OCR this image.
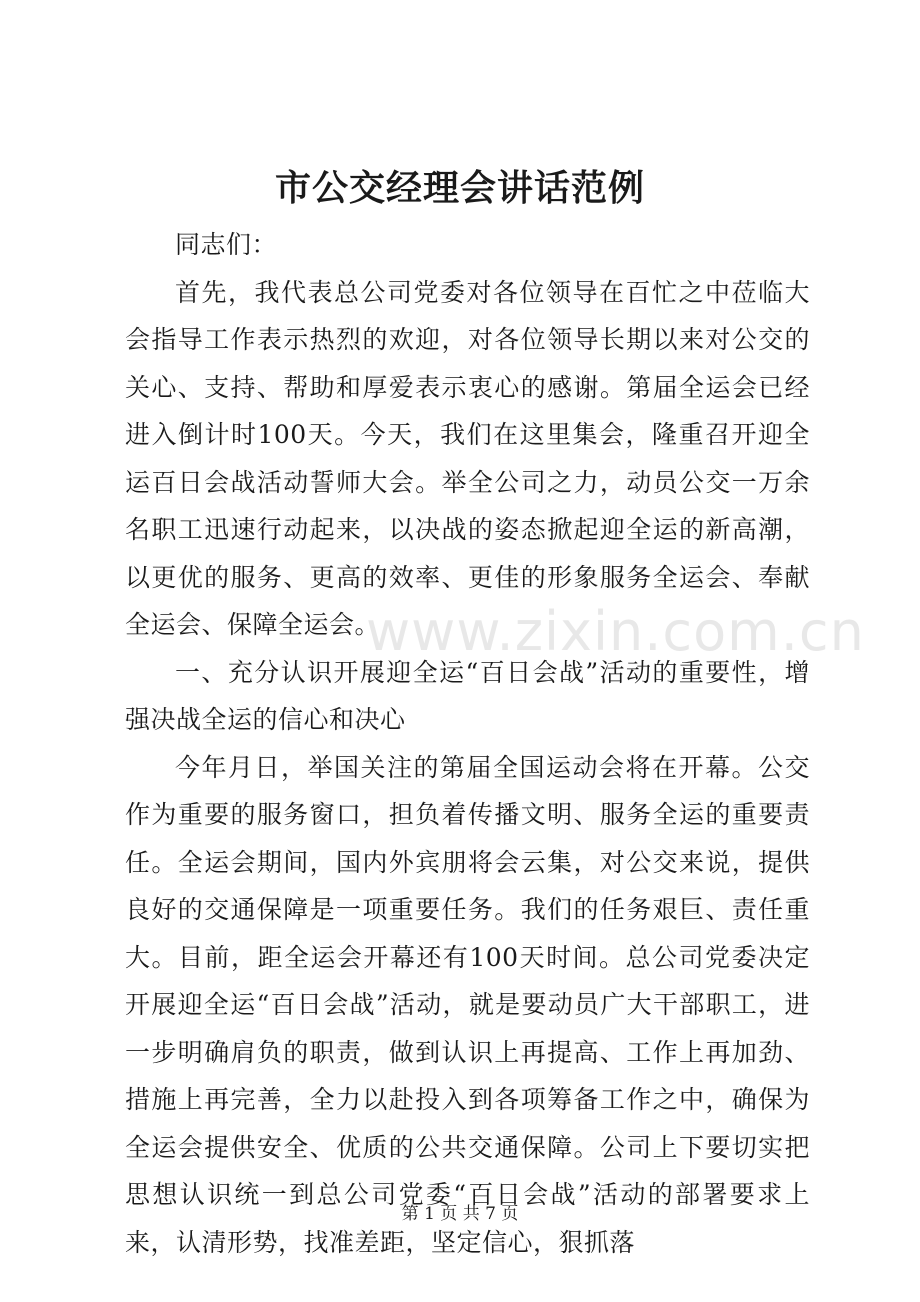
市公交经理会讲话范例

同志们：

首先，我代表总公司党委对各位领导在百忙之中莅临大会指导工作表示热烈的欢迎，对各位领导长期以来对公交的关心、支持、帮助和厚爱表示衷心的感谢。第届全运会已经进入倒计时100天。今天，我们在这里集会，隆重召开迎全运百日会战活动誓师大会。举全公司之力，动员公交一万余名职工迅速行动起来，以决战的姿态掀起迎全运的新高潮，以更优的服务、更高的效率、更佳的形象服务全运会、奉献全运会、保障全运会。

一、充分认识开展迎全运“百日会战”活动的重要性，增强决战全运的信心和决心

今年月日，举国关注的第届全国运动会将在开幕。公交作为重要的服务窗口，担负着传播文明、服务全运的重要责任。全运会期间，国内外宾朋将会云集，对公交来说，提供良好的交通保障是一项重要任务。我们的任务艰巨、责任重大。目前，距全运会开幕还有100天时间。总公司党委决定开展迎全运“百日会战”活动，就是要动员广大干部职工，进一步明确肩负的职责，做到认识上再提高、工作上再加劲、措施上再完善，全力以赴投入到各项筹备工作之中，确保为全运会提供安全、优质的公共交通保障。公司上下要切实把思想认识统一到总公司党委“百日会战”活动的部署要求上来，认清形势，找准差距，坚定信心，狠抓落

www.zixin.com.cn
第 1 页 共 7 页
